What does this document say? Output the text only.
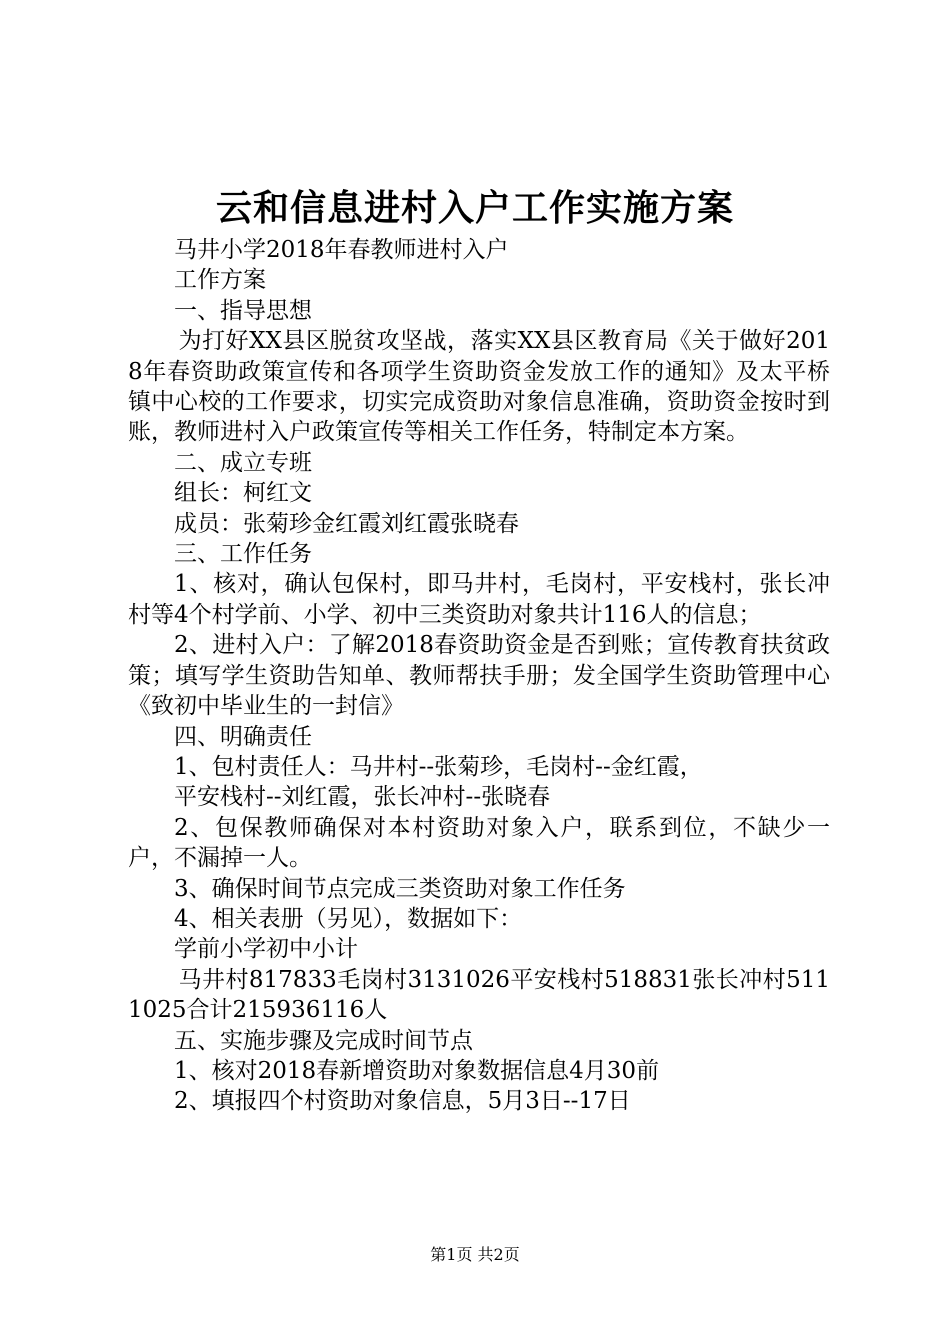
云和信息进村入户工作实施方案

马井小学2018年春教师进村入户

工作方案

一、指导思想

为打好XX县区脱贫攻坚战，落实XX县区教育局《关于做好2018年春资助政策宣传和各项学生资助资金发放工作的通知》及太平桥镇中心校的工作要求，切实完成资助对象信息准确，资助资金按时到账，教师进村入户政策宣传等相关工作任务，特制定本方案。

二、成立专班

组长：柯红文

成员：张菊珍金红霞刘红霞张晓春

三、工作任务

1、核对，确认包保村，即马井村，毛岗村，平安栈村，张长冲村等4个村学前、小学、初中三类资助对象共计116人的信息；

2、进村入户：了解2018春资助资金是否到账；宣传教育扶贫政策；填写学生资助告知单、教师帮扶手册；发全国学生资助管理中心《致初中毕业生的一封信》

四、明确责任

1、包村责任人：马井村--张菊珍，毛岗村--金红霞，

平安栈村--刘红霞，张长冲村--张晓春

2、包保教师确保对本村资助对象入户，联系到位，不缺少一户，不漏掉一人。

3、确保时间节点完成三类资助对象工作任务

4、相关表册（另见），数据如下：

学前小学初中小计

马井村817833毛岗村3131026平安栈村518831张长冲村5111025合计215936116人

五、实施步骤及完成时间节点

1、核对2018春新增资助对象数据信息4月30前

2、填报四个村资助对象信息，5月3日--17日

第1页 共2页
